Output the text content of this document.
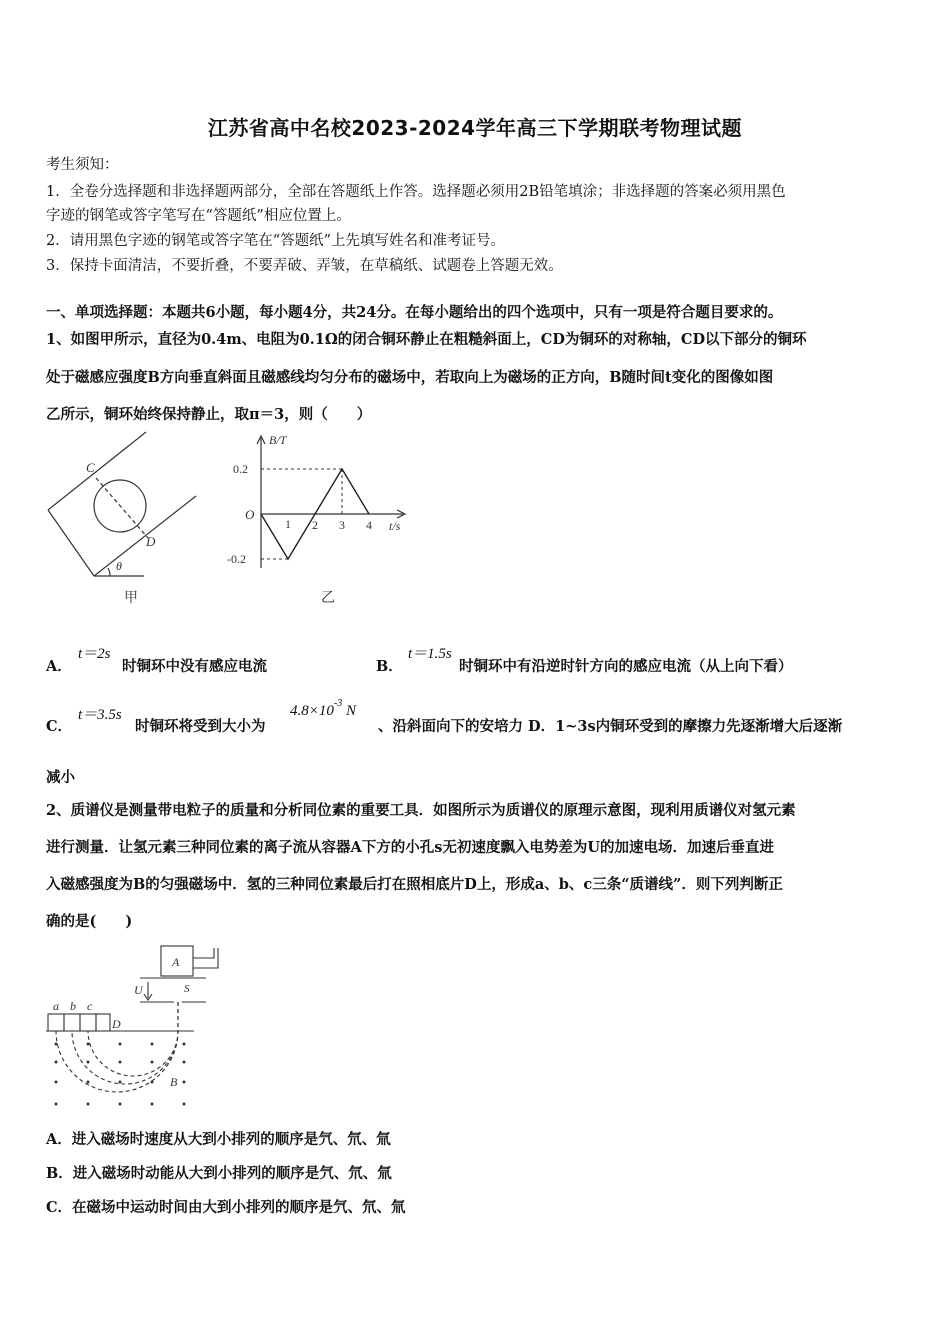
江苏省高中名校2023-2024学年高三下学期联考物理试题
考生须知：
1．全卷分选择题和非选择题两部分，全部在答题纸上作答。选择题必须用2B铅笔填涂；非选择题的答案必须用黑色
字迹的钢笔或答字笔写在“答题纸”相应位置上。
2．请用黑色字迹的钢笔或答字笔在“答题纸”上先填写姓名和准考证号。
3．保持卡面清洁，不要折叠，不要弄破、弄皱，在草稿纸、试题卷上答题无效。
一、单项选择题：本题共6小题，每小题4分，共24分。在每小题给出的四个选项中，只有一项是符合题目要求的。
1、如图甲所示，直径为0.4m、电阻为0.1Ω的闭合铜环静止在粗糙斜面上，CD为铜环的对称轴，CD以下部分的铜环
处于磁感应强度B方向垂直斜面且磁感线均匀分布的磁场中，若取向上为磁场的正方向，B随时间t变化的图像如图
乙所示，铜环始终保持静止，取π＝3，则（　　）
C
D
θ
甲
1 2 3 4
B/T
t/s
O
0.2
-0.2
乙
A．
t＝2s
时铜环中没有感应电流	B．
t＝1.5s
时铜环中有沿逆时针方向的感应电流（从上向下看）
C．
t＝3.5s
时铜环将受到大小为
$4.8\times 10^{-3}$ N
、沿斜面向下的安培力 D．1~3s内铜环受到的摩擦力先逐渐增大后逐渐
减小
2、质谱仪是测量带电粒子的质量和分析同位素的重要工具．如图所示为质谱仪的原理示意图，现利用质谱仪对氢元素
进行测量．让氢元素三种同位素的离子流从容器A下方的小孔s无初速度飘入电势差为U的加速电场．加速后垂直进
入磁感强度为B的匀强磁场中．氢的三种同位素最后打在照相底片D上，形成a、b、c三条“质谱线”．则下列判断正
确的是(　　)
a b c
D
A
U	S
B
A．进入磁场时速度从大到小排列的顺序是氕、氘、氚
B．进入磁场时动能从大到小排列的顺序是氕、氘、氚
C．在磁场中运动时间由大到小排列的顺序是氕、氘、氚
